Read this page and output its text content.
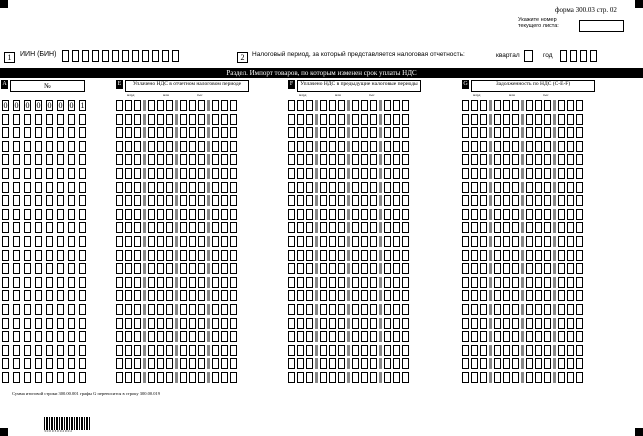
форма 300.03 стр. 02
Укажите номер
текущего листа:
1	ИИН (БИН)	2	Налоговый период, за который представляется налоговая отчетность:	квартал	год
Раздел. Импорт товаров, по которым изменен срок уплаты НДС
A	№	E	Уплачено НДС в отчетном налоговом периоде	F	Уплачено НДС в предыдущие налоговые периоды	G	Задолженность по НДС (С-Е-F)
млрд	млн	тыс	млрд	млн	тыс	млрд	млн	тыс
0 0 0 0 0 0 0 1
Сумма итоговой строки 300.00.001 графы G переносится в строку 300.00.019
3 0 0 0 3 0 0 2 0 0 2
